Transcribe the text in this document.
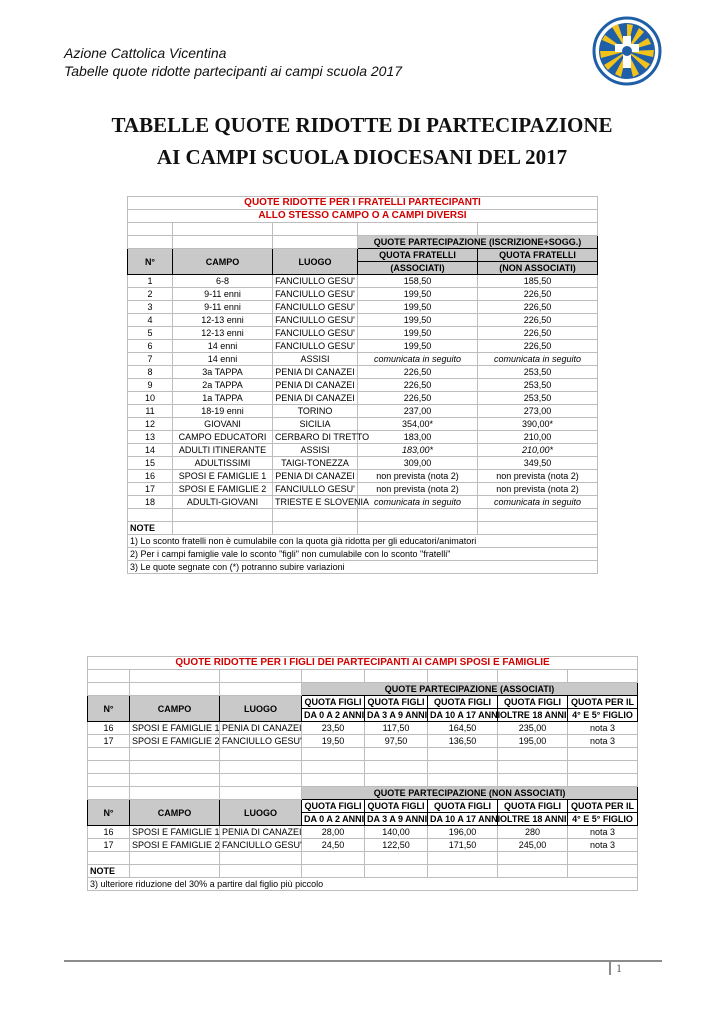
Azione Cattolica Vicentina
Tabelle quote ridotte partecipanti ai campi scuola 2017
TABELLE QUOTE RIDOTTE DI PARTECIPAZIONE
AI CAMPI SCUOLA DIOCESANI DEL 2017
QUOTE RIDOTTE PER I FRATELLI PARTECIPANTI				
ALLO STESSO CAMPO O A CAMPI DIVERSI				

			QUOTE PARTECIPAZIONE (ISCRIZIONE+SOGG.)	
N°	CAMPO	LUOGO	QUOTA FRATELLI	QUOTA FRATELLI
			(ASSOCIATI)	(NON ASSOCIATI)
1	6-8	FANCIULLO GESU'	158,50	185,50
2	9-11 enni	FANCIULLO GESU'	199,50	226,50
3	9-11 enni	FANCIULLO GESU'	199,50	226,50
4	12-13 enni	FANCIULLO GESU'	199,50	226,50
5	12-13 enni	FANCIULLO GESU'	199,50	226,50
6	14 enni	FANCIULLO GESU'	199,50	226,50
7	14 enni	ASSISI	comunicata in seguito	comunicata in seguito
8	3a TAPPA	PENIA DI CANAZEI	226,50	253,50
9	2a TAPPA	PENIA DI CANAZEI	226,50	253,50
10	1a TAPPA	PENIA DI CANAZEI	226,50	253,50
11	18-19 enni	TORINO	237,00	273,00
12	GIOVANI	SICILIA	354,00*	390,00*
13	CAMPO EDUCATORI	CERBARO DI TRETTO	183,00	210,00
14	ADULTI ITINERANTE	ASSISI	183,00*	210,00*
15	ADULTISSIMI	TAIGI-TONEZZA	309,00	349,50
16	SPOSI E FAMIGLIE 1	PENIA DI CANAZEI	non prevista (nota 2)	non prevista (nota 2)
17	SPOSI E FAMIGLIE 2	FANCIULLO GESU'	non prevista (nota 2)	non prevista (nota 2)
18	ADULTI-GIOVANI	TRIESTE E SLOVENIA	comunicata in seguito	comunicata in seguito

NOTE				
1) Lo sconto fratelli non è cumulabile con la quota già ridotta per gli educatori/animatori				
2) Per i campi famiglie vale lo sconto "figli" non cumulabile con lo sconto "fratelli"				
3) Le quote segnate con (*) potranno subire variazioni				
QUOTE RIDOTTE PER I FIGLI DEI PARTECIPANTI AI CAMPI SPOSI E FAMIGLIE							

			QUOTE PARTECIPAZIONE (ASSOCIATI)				
N°	CAMPO	LUOGO	QUOTA FIGLI	QUOTA FIGLI	QUOTA FIGLI	QUOTA FIGLI	QUOTA PER IL
			DA 0 A 2 ANNI	DA 3 A 9 ANNI	DA 10 A 17 ANNI	OLTRE 18 ANNI	4° E 5° FIGLIO
16	SPOSI E FAMIGLIE 1	PENIA DI CANAZEI	23,50	117,50	164,50	235,00	nota 3
17	SPOSI E FAMIGLIE 2	FANCIULLO GESU'	19,50	97,50	136,50	195,00	nota 3

			QUOTE PARTECIPAZIONE (NON ASSOCIATI)				
N°	CAMPO	LUOGO	QUOTA FIGLI	QUOTA FIGLI	QUOTA FIGLI	QUOTA FIGLI	QUOTA PER IL
			DA 0 A 2 ANNI	DA 3 A 9 ANNI	DA 10 A 17 ANNI	OLTRE 18 ANNI	4° E 5° FIGLIO
16	SPOSI E FAMIGLIE 1	PENIA DI CANAZEI	28,00	140,00	196,00	280	nota 3
17	SPOSI E FAMIGLIE 2	FANCIULLO GESU'	24,50	122,50	171,50	245,00	nota 3

NOTE							
3) ulteriore riduzione del 30% a partire dal figlio più piccolo							
1
